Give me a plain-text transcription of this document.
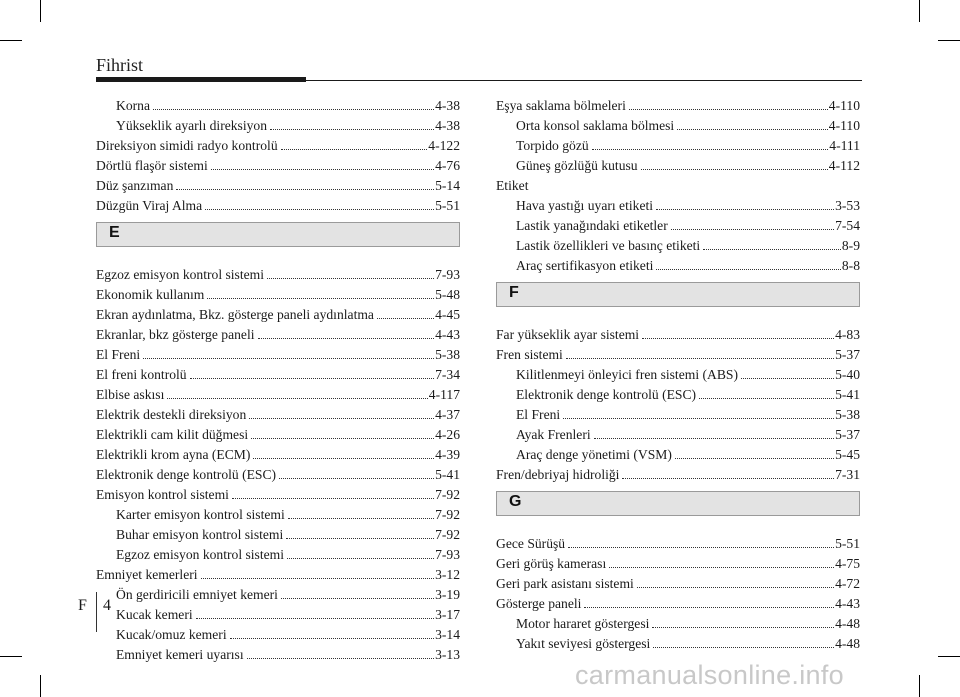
Fihrist
Korna	4-38
Yükseklik ayarlı direksiyon	4-38
Direksiyon simidi radyo kontrolü	4-122
Dörtlü flaşör sistemi	4-76
Düz şanzıman	5-14
Düzgün Viraj Alma	5-51
E
Egzoz emisyon kontrol sistemi	7-93
Ekonomik kullanım	5-48
Ekran aydınlatma, Bkz. gösterge paneli aydınlatma	4-45
Ekranlar, bkz gösterge paneli	4-43
El Freni	5-38
El freni kontrolü	7-34
Elbise askısı	4-117
Elektrik destekli direksiyon	4-37
Elektrikli cam kilit düğmesi	4-26
Elektrikli krom ayna (ECM)	4-39
Elektronik denge kontrolü (ESC)	5-41
Emisyon kontrol sistemi	7-92
Karter emisyon kontrol sistemi	7-92
Buhar emisyon kontrol sistemi	7-92
Egzoz emisyon kontrol sistemi	7-93
Emniyet kemerleri	3-12
Ön gerdiricili emniyet kemeri	3-19
Kucak kemeri	3-17
Kucak/omuz kemeri	3-14
Emniyet kemeri uyarısı	3-13
Eşya saklama bölmeleri	4-110
Orta konsol saklama bölmesi	4-110
Torpido gözü	4-111
Güneş gözlüğü kutusu	4-112
Etiket
Hava yastığı uyarı etiketi	3-53
Lastik yanağındaki etiketler	7-54
Lastik özellikleri ve basınç etiketi	8-9
Araç sertifikasyon etiketi	8-8
F
Far yükseklik ayar sistemi	4-83
Fren sistemi	5-37
Kilitlenmeyi önleyici fren sistemi (ABS)	5-40
Elektronik denge kontrolü (ESC)	5-41
El Freni	5-38
Ayak Frenleri	5-37
Araç denge yönetimi (VSM)	5-45
Fren/debriyaj hidroliği	7-31
G
Gece Sürüşü	5-51
Geri görüş kamerası	4-75
Geri park asistanı sistemi	4-72
Gösterge paneli	4-43
Motor hararet göstergesi	4-48
Yakıt seviyesi göstergesi	4-48
F 4
carmanualsonline.info
